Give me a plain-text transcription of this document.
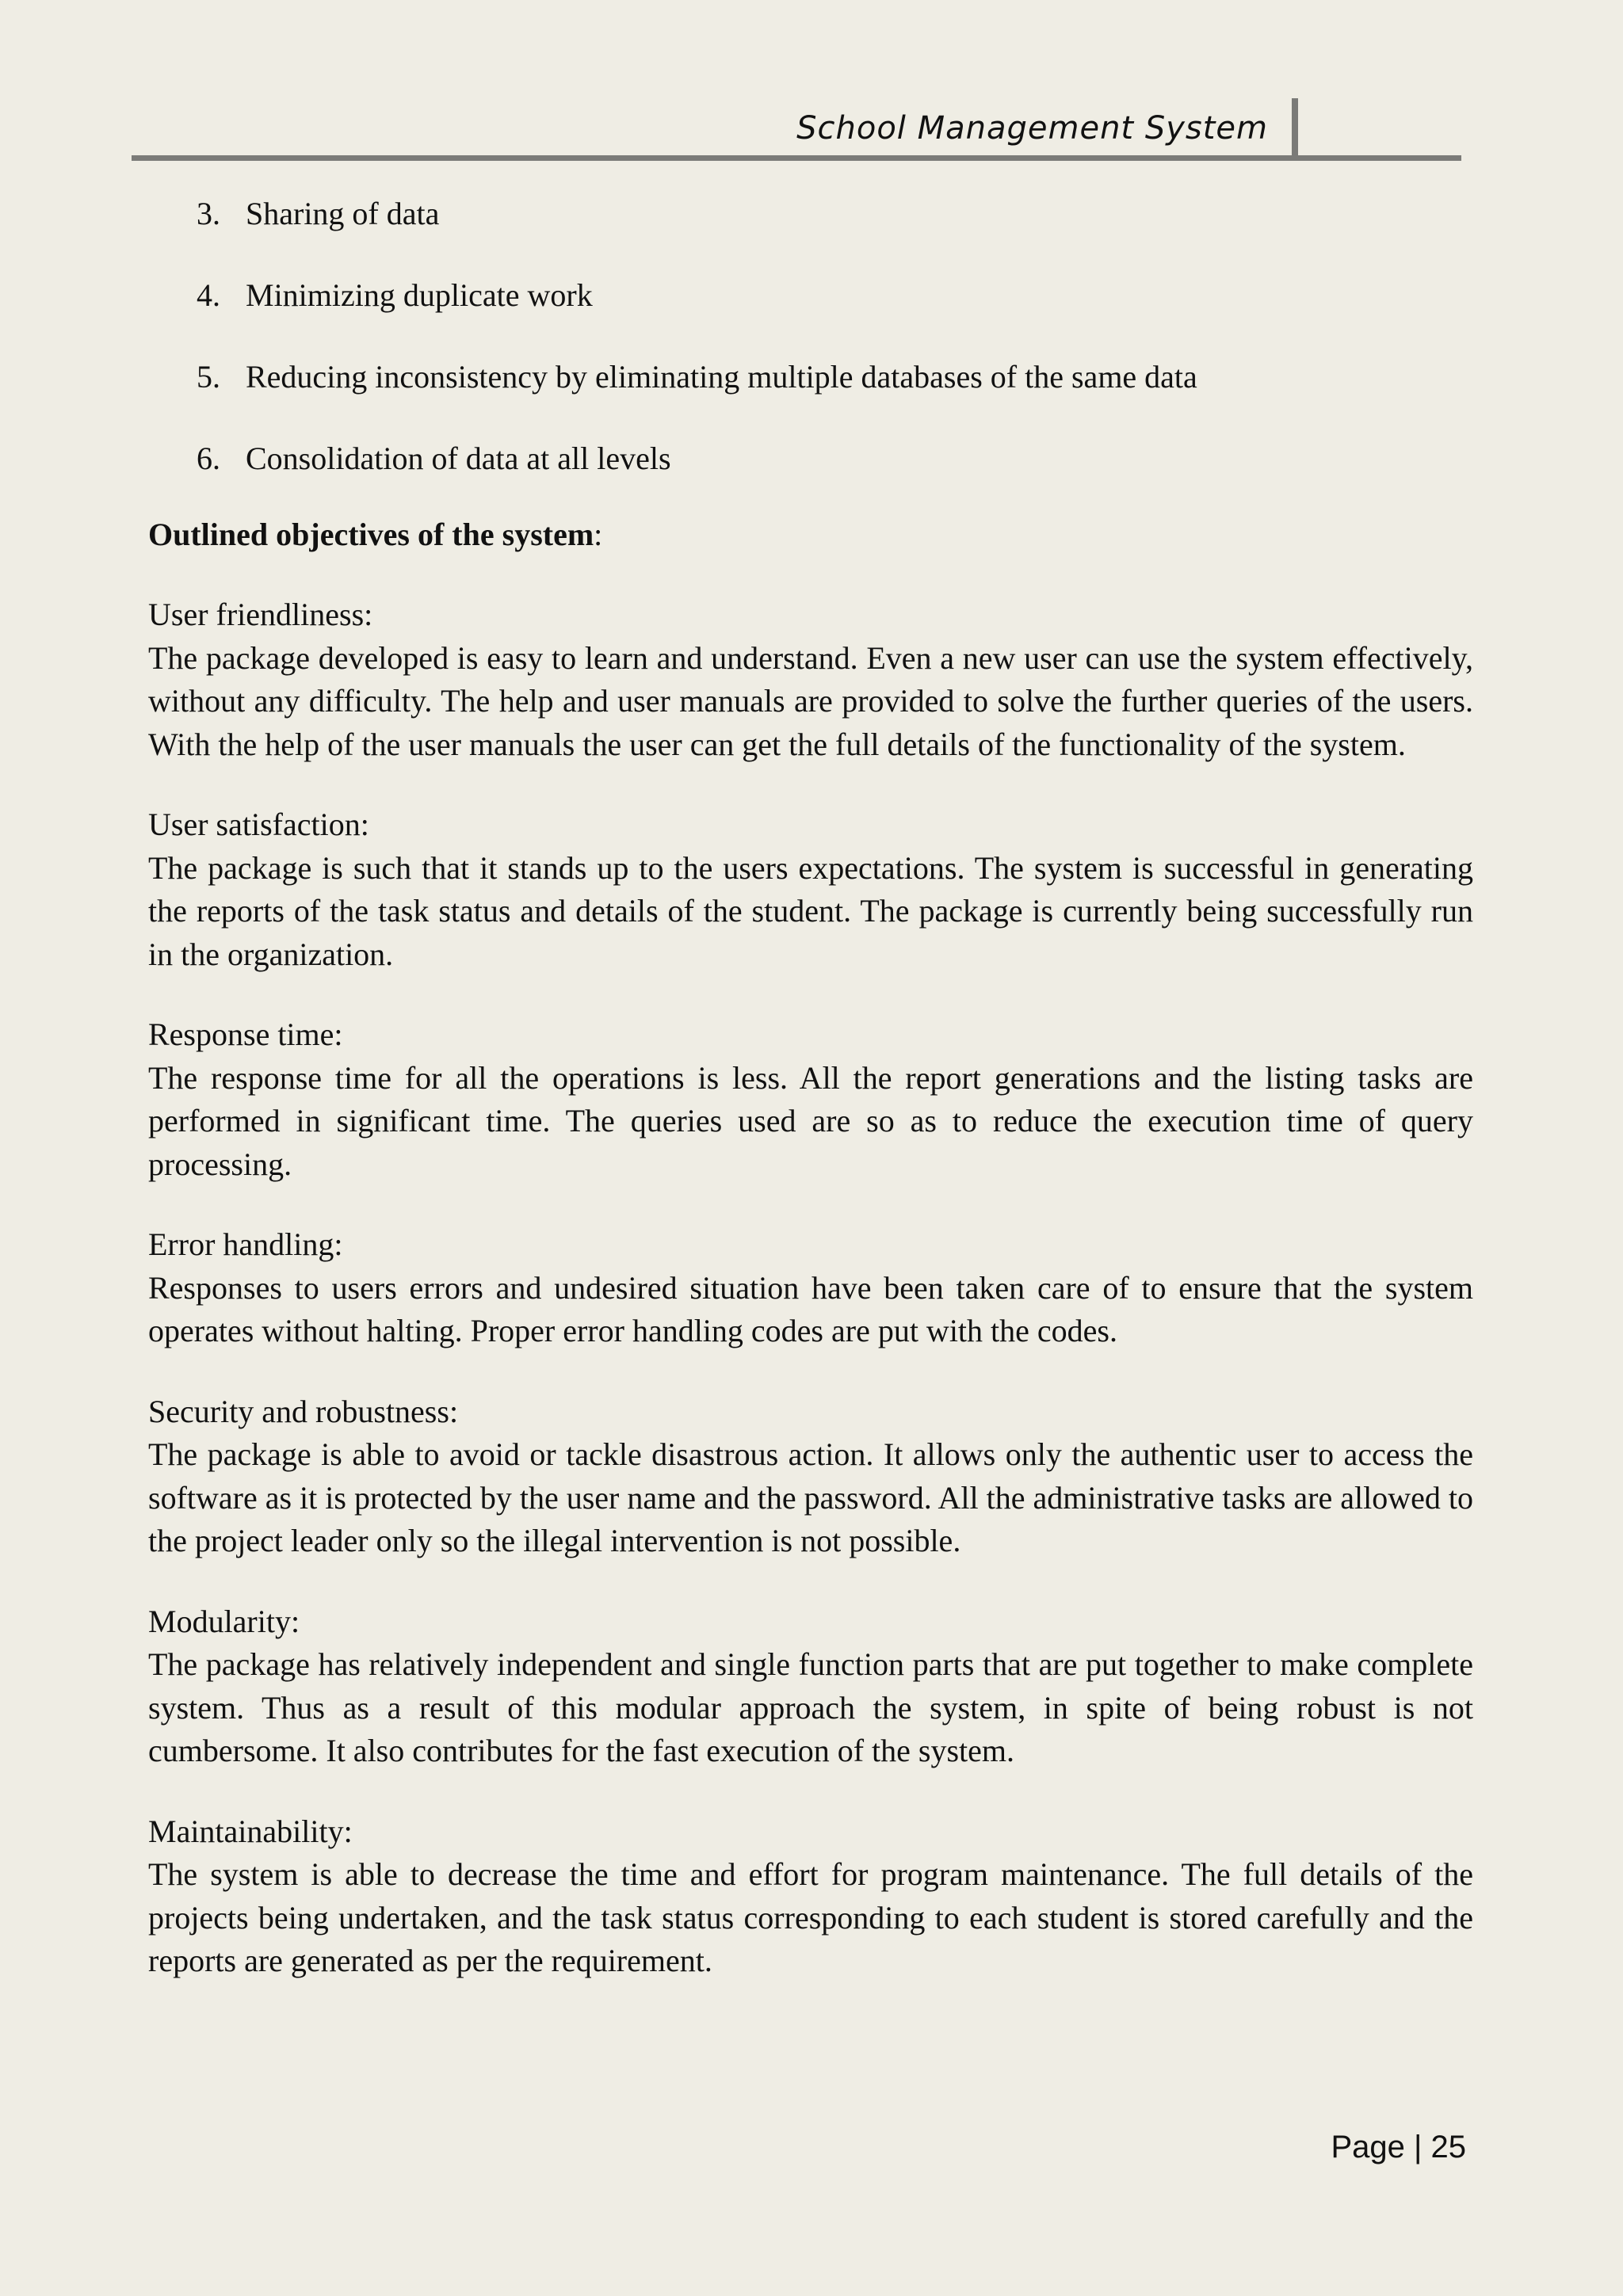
School Management System
3. Sharing of data
4. Minimizing duplicate work
5. Reducing inconsistency by eliminating multiple databases of the same data
6. Consolidation of data at all levels

Outlined objectives of the system:

User friendliness:
The package developed is easy to learn and understand. Even a new user can use the system effectively, without any difficulty. The help and user manuals are provided to solve the further queries of the users. With the help of the user manuals the user can get the full details of the functionality of the system.
User satisfaction:
The package is such that it stands up to the users expectations. The system is successful in generating the reports of the task status and details of the student. The package is currently being successfully run in the organization.
Response time:
The response time for all the operations is less. All the report generations and the listing tasks are performed in significant time. The queries used are so as to reduce the execution time of query processing.
Error handling:
Responses to users errors and undesired situation have been taken care of to ensure that the system operates without halting. Proper error handling codes are put with the codes.
Security and robustness:
The package is able to avoid or tackle disastrous action. It allows only the authentic user to access the software as it is protected by the user name and the password. All the administrative tasks are allowed to the project leader only so the illegal intervention is not possible.
Modularity:
The package has relatively independent and single function parts that are put together to make complete system. Thus as a result of this modular approach the system, in spite of being robust is not cumbersome. It also contributes for the fast execution of the system.
Maintainability:
The system is able to decrease the time and effort for program maintenance. The full details of the projects being undertaken, and the task status corresponding to each student is stored carefully and the reports are generated as per the requirement.
Page | 25
